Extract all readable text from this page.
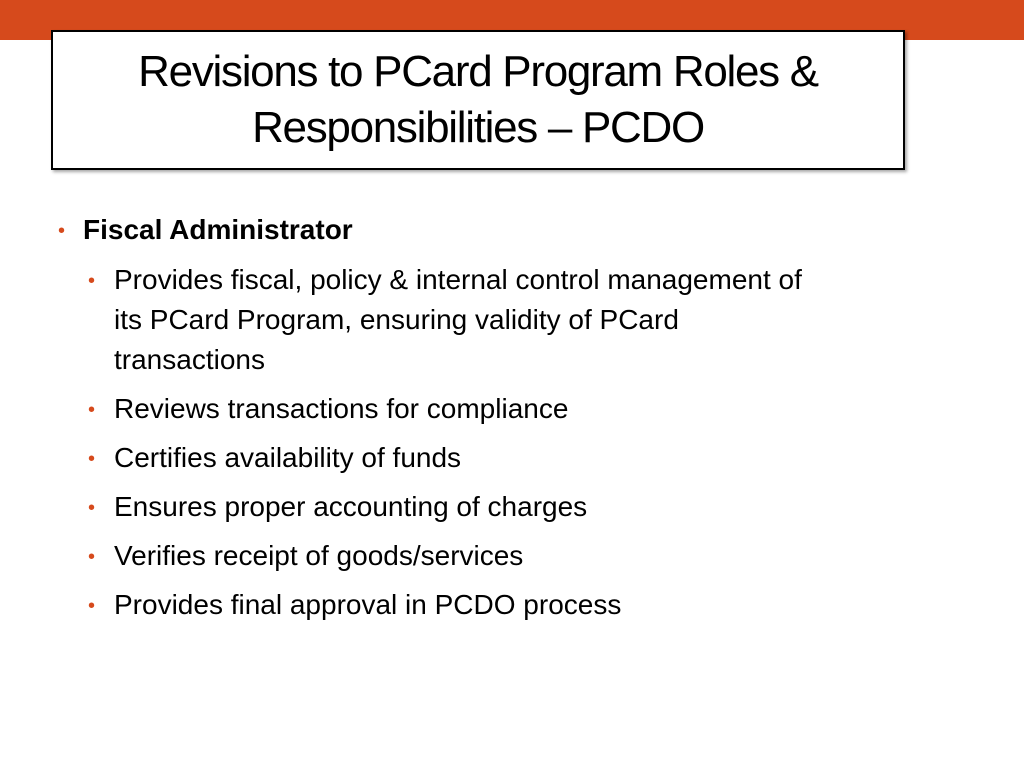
Revisions to PCard Program Roles & Responsibilities – PCDO
• Fiscal Administrator
• Provides fiscal, policy & internal control management of its PCard Program, ensuring validity of PCard transactions
• Reviews transactions for compliance
• Certifies availability of funds
• Ensures proper accounting of charges
• Verifies receipt of goods/services
• Provides final approval in PCDO process
